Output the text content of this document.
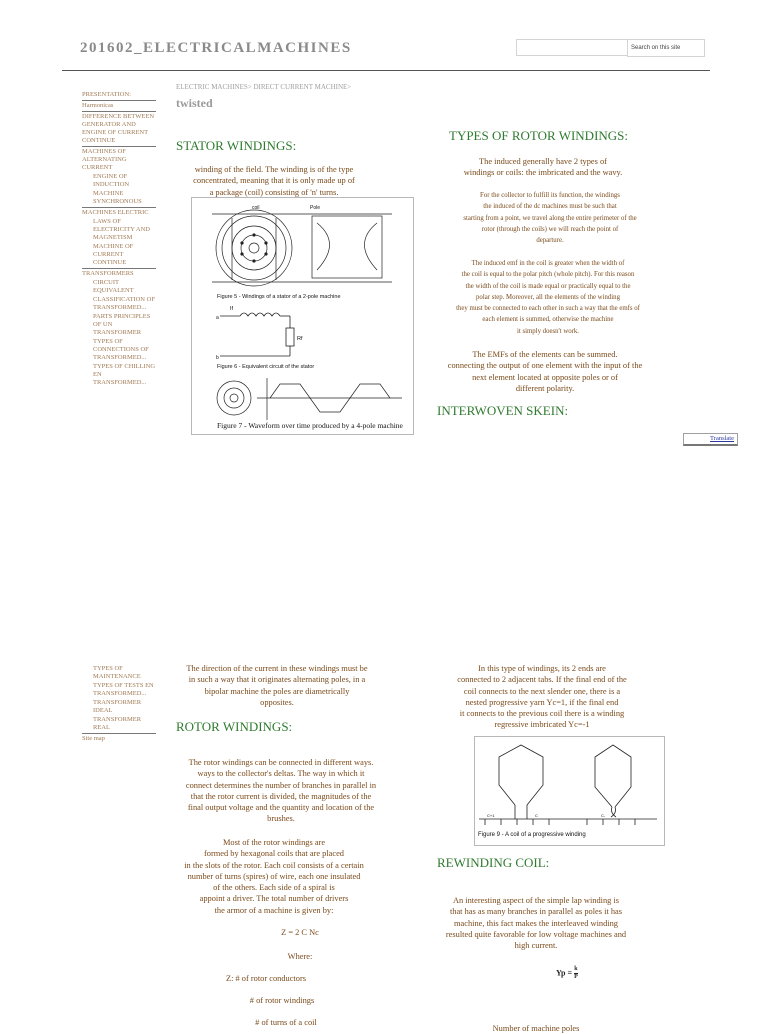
201602_ELECTRICALMACHINES	Search on this site
PRESENTATION:
Harmonicas
DIFFERENCE BETWEEN GENERATOR AND ENGINE OF CURRENT CONTINUE
MACHINES OF ALTERNATING CURRENT
ENGINE OF INDUCTION
MACHINE SYNCHRONOUS
MACHINES ELECTRIC
LAWS OF ELECTRICITY AND MAGNETISM
MACHINE OF CURRENT CONTINUE
TRANSFORMERS
CIRCUIT EQUIVALENT
CLASSIFICATION OF TRANSFORMED...
PARTS PRINCIPLES OF UN TRANSFORMER
TYPES OF CONNECTIONS OF TRANSFORMED...
TYPES OF CHILLING EN TRANSFORMED...
TYPES OF MAINTENANCE
TYPES OF TESTS EN TRANSFORMED...
TRANSFORMER IDEAL
TRANSFORMER REAL
Site map
ELECTRIC MACHINES> DIRECT CURRENT MACHINE>
twisted
STATOR WINDINGS:
winding of the field. The winding is of the type
concentrated, meaning that it is only made up of
a package (coil) consisting of 'n' turns.
coil	Pole
If
Rf
a
b
Figure 5 - Windings of a stator of a 2-pole machine
Figure 6 - Equivalent circuit of the stator
Figure 7 - Waveform over time produced by a 4-pole machine
The direction of the current in these windings must be
in such a way that it originates alternating poles, in a
bipolar machine the poles are diametrically
opposites.
ROTOR WINDINGS:
The rotor windings can be connected in different ways.
ways to the collector's deltas. The way in which it
connect determines the number of branches in parallel in
that the rotor current is divided, the magnitudes of the
final output voltage and the quantity and location of the
brushes.
Most of the rotor windings are
formed by hexagonal coils that are placed
in the slots of the rotor. Each coil consists of a certain
number of turns (spires) of wire, each one insulated
of the others. Each side of a spiral is
appoint a driver. The total number of drivers
the armor of a machine is given by:
Z = 2 C Nc
Where:
Z: # of rotor conductors
# of rotor windings
# of turns of a coil
TYPES OF ROTOR WINDINGS:
The induced generally have 2 types of
windings or coils: the imbricated and the wavy.
For the collector to fulfill its function, the windings
the induced of the dc machines must be such that
starting from a point, we travel along the entire perimeter of the
rotor (through the coils) we will reach the point of
departure.
The induced emf in the coil is greater when the width of
the coil is equal to the polar pitch (whole pitch). For this reason
the width of the coil is made equal or practically equal to the
polar step. Moreover, all the elements of the winding
they must be connected to each other in such a way that the emfs of
each element is summed, otherwise the machine
it simply doesn't work.
The EMFs of the elements can be summed.
connecting the output of one element with the input of the
next element located at opposite poles or of
different polarity.
INTERWOVEN SKEIN:
Translate
In this type of windings, its 2 ends are
connected to 2 adjacent tabs. If the final end of the
coil connects to the next slender one, there is a
nested progressive yarn Yc=1, if the final end
it connects to the previous coil there is a winding
regressive imbricated Yc=-1
C+1	C	C-
Figure 9 - A coil of a progressive winding
REWINDING COIL:
An interesting aspect of the simple lap winding is
that has as many branches in parallel as poles it has
machine, this fact makes the interleaved winding
resulted quite favorable for low voltage machines and
high current.
$Yp = \frac{k}{P}$
Number of machine poles
